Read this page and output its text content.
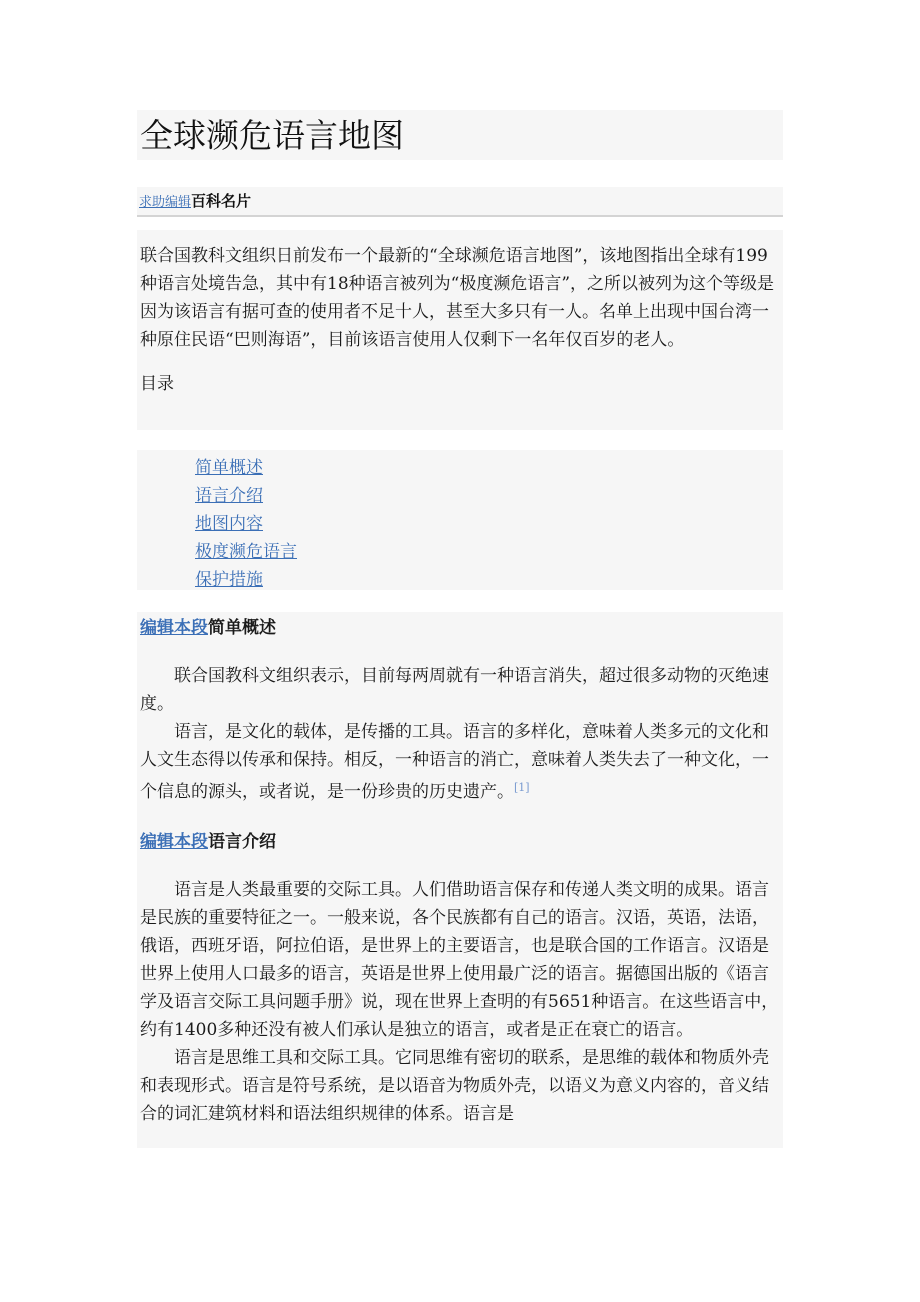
全球濒危语言地图
求助编辑百科名片

联合国教科文组织日前发布一个最新的“全球濒危语言地图”，该地图指出全球有199种语言处境告急，其中有18种语言被列为“极度濒危语言”，之所以被列为这个等级是因为该语言有据可查的使用者不足十人，甚至大多只有一人。名单上出现中国台湾一种原住民语“巴则海语”，目前该语言使用人仅剩下一名年仅百岁的老人。

目录
简单概述
语言介绍
地图内容
极度濒危语言
保护措施
编辑本段简单概述

联合国教科文组织表示，目前每两周就有一种语言消失，超过很多动物的灭绝速度。

语言，是文化的载体，是传播的工具。语言的多样化，意味着人类多元的文化和人文生态得以传承和保持。相反，一种语言的消亡，意味着人类失去了一种文化，一个信息的源头，或者说，是一份珍贵的历史遗产。[1]

编辑本段语言介绍

语言是人类最重要的交际工具。人们借助语言保存和传递人类文明的成果。语言是民族的重要特征之一。一般来说，各个民族都有自己的语言。汉语，英语，法语，俄语，西班牙语，阿拉伯语，是世界上的主要语言，也是联合国的工作语言。汉语是世界上使用人口最多的语言，英语是世界上使用最广泛的语言。据德国出版的《语言学及语言交际工具问题手册》说，现在世界上查明的有5651种语言。在这些语言中，约有1400多种还没有被人们承认是独立的语言，或者是正在衰亡的语言。

语言是思维工具和交际工具。它同思维有密切的联系，是思维的载体和物质外壳和表现形式。语言是符号系统，是以语音为物质外壳，以语义为意义内容的，音义结合的词汇建筑材料和语法组织规律的体系。语言是
